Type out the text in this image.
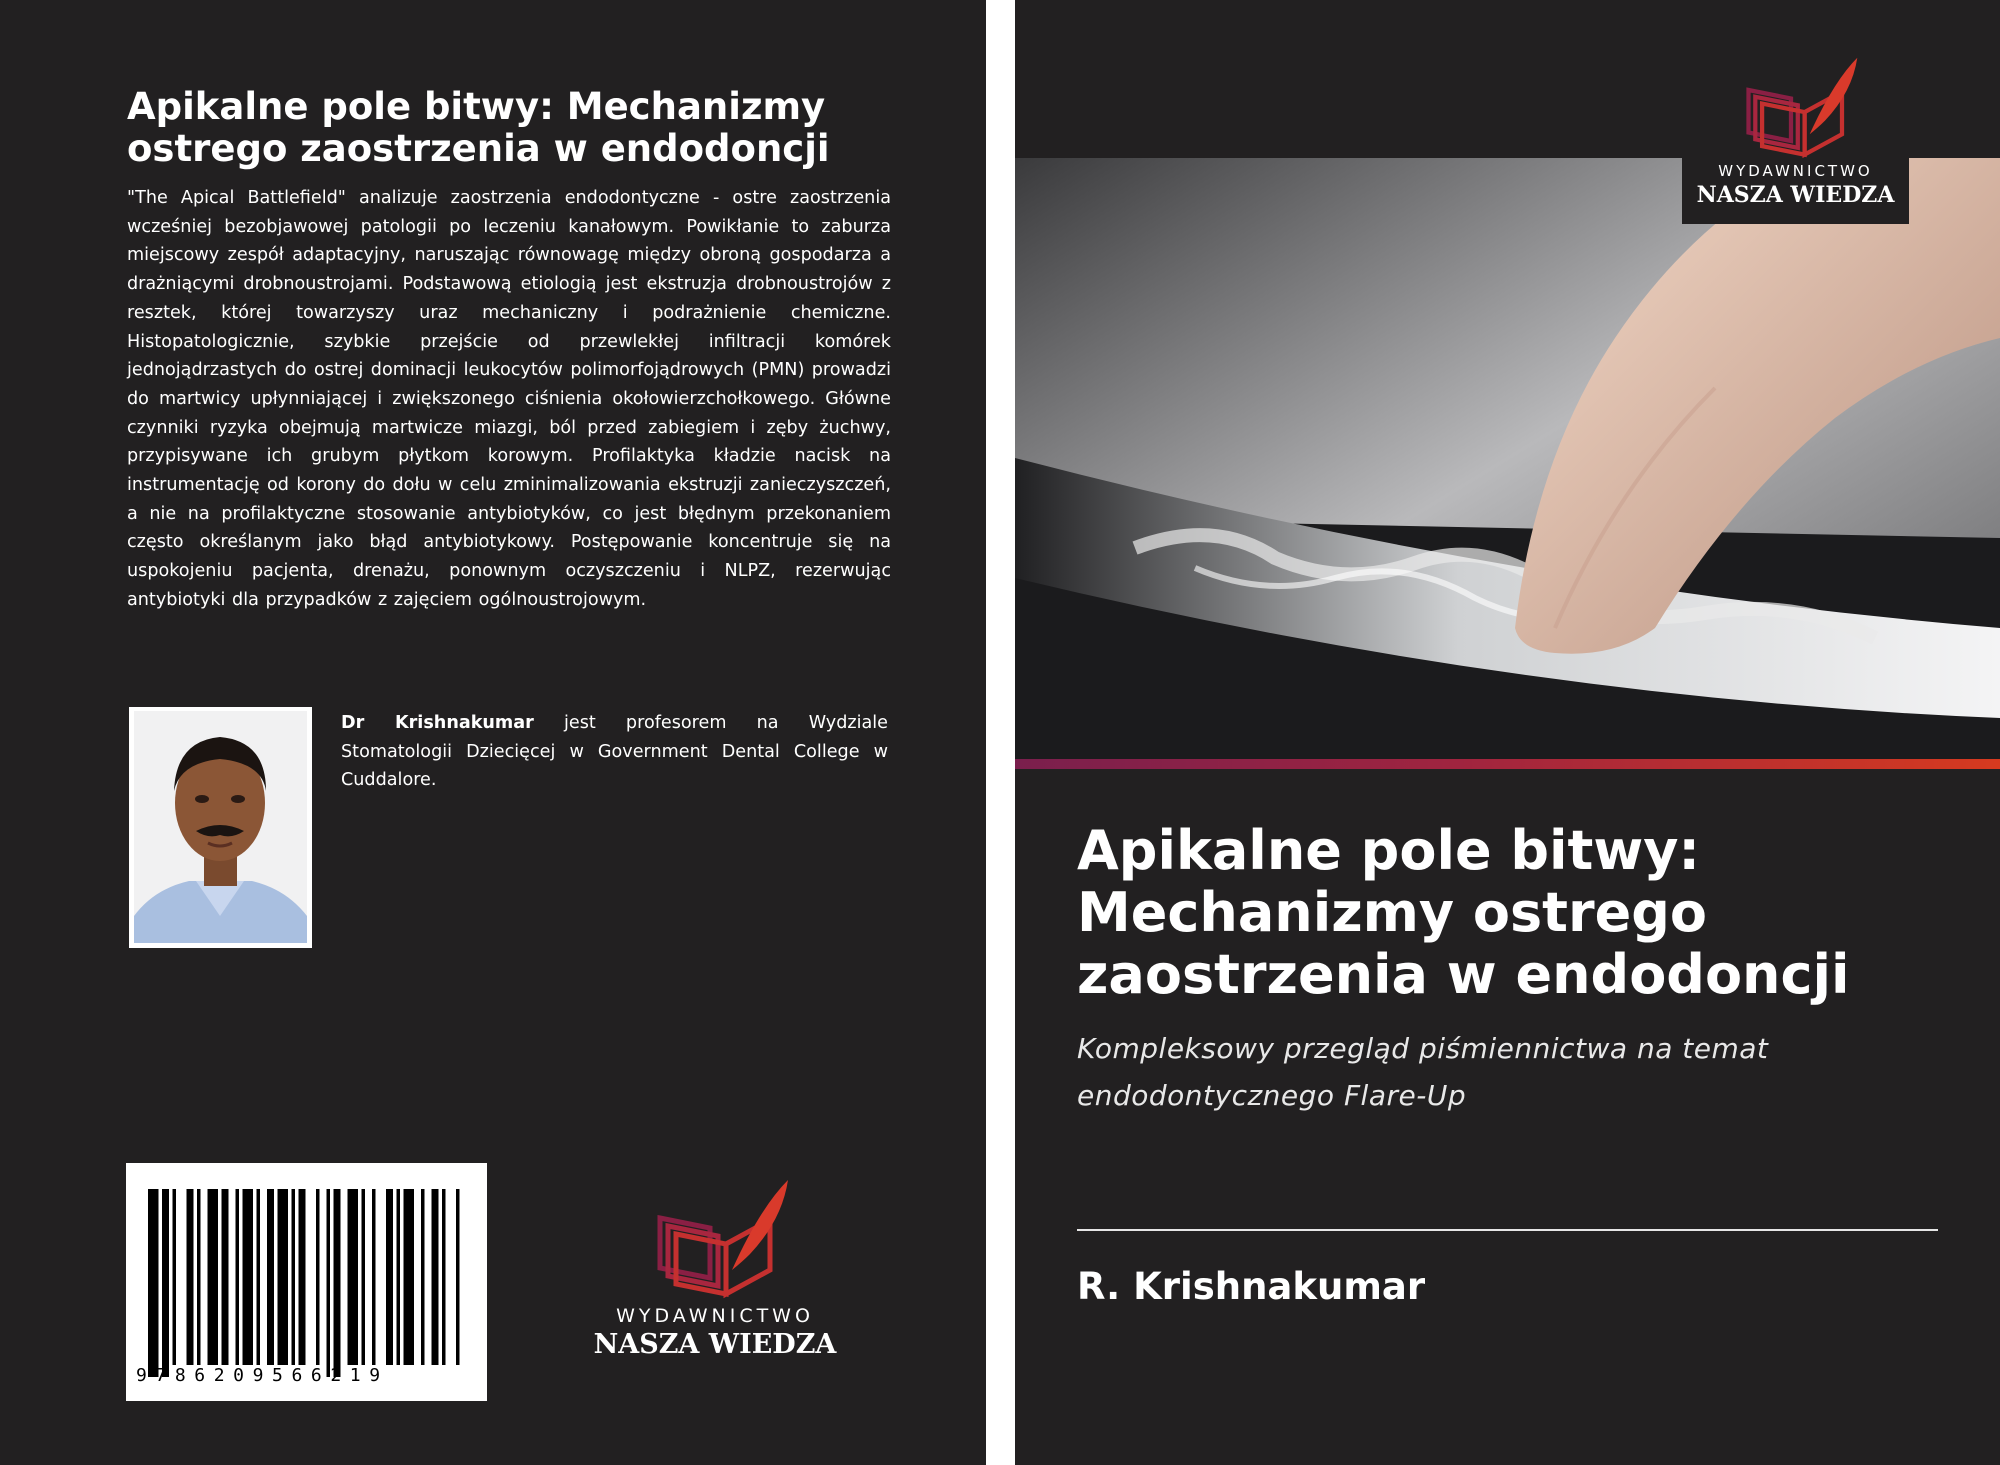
Apikalne pole bitwy: Mechanizmy
ostrego zaostrzenia w endodoncji

"The Apical Battlefield" analizuje zaostrzenia endodontyczne - ostre zaostrzenia wcześniej bezobjawowej patologii po leczeniu kanałowym. Powikłanie to zaburza miejscowy zespół adaptacyjny, naruszając równowagę między obroną gospodarza a drażniącymi drobnoustrojami. Podstawową etiologią jest ekstruzja drobnoustrojów z resztek, której towarzyszy uraz mechaniczny i podrażnienie chemiczne. Histopatologicznie, szybkie przejście od przewlekłej infiltracji komórek jednojądrzastych do ostrej dominacji leukocytów polimorfojądrowych (PMN) prowadzi do martwicy upłynniającej i zwiększonego ciśnienia okołowierzchołkowego. Główne czynniki ryzyka obejmują martwicze miazgi, ból przed zabiegiem i zęby żuchwy, przypisywane ich grubym płytkom korowym. Profilaktyka kładzie nacisk na instrumentację od korony do dołu w celu zminimalizowania ekstruzji zanieczyszczeń, a nie na profilaktyczne stosowanie antybiotyków, co jest błędnym przekonaniem często określanym jako błąd antybiotykowy. Postępowanie koncentruje się na uspokojeniu pacjenta, drenażu, ponownym oczyszczeniu i NLPZ, rezerwując antybiotyki dla przypadków z zajęciem ogólnoustrojowym.

Dr Krishnakumar jest profesorem na Wydziale Stomatologii Dziecięcej w Government Dental College w Cuddalore.

9786209566219
WYDAWNICTWO
NASZA WIEDZA
WYDAWNICTWO
NASZA WIEDZA
Apikalne pole bitwy:
Mechanizmy ostrego
zaostrzenia w endodoncji

Kompleksowy przegląd piśmiennictwa na temat
endodontycznego Flare-Up

R. Krishnakumar
